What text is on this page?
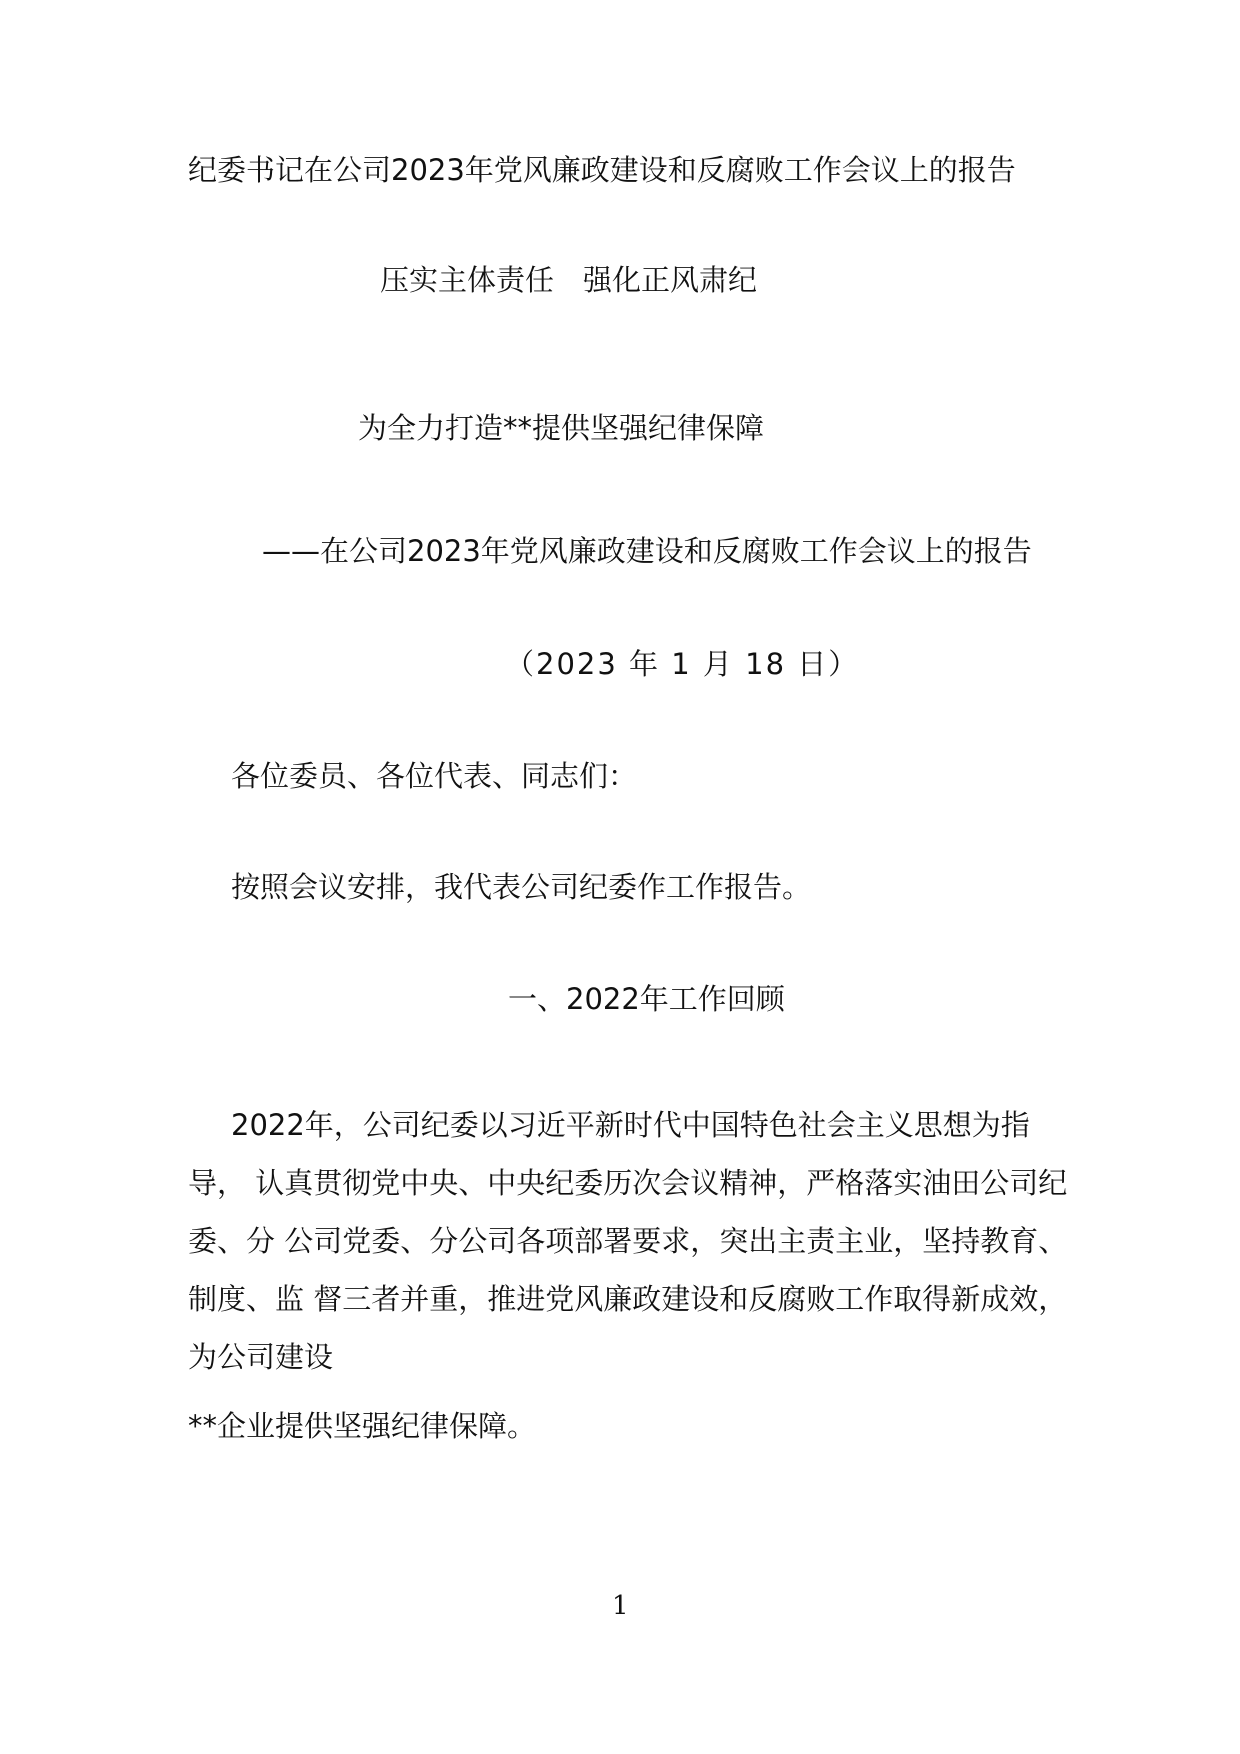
纪委书记在公司2023年党风廉政建设和反腐败工作会议上的报告
压实主体责任　强化正风肃纪
为全力打造**提供坚强纪律保障
——在公司2023年党风廉政建设和反腐败工作会议上的报告
（2023 年 1 月 18 日）
各位委员、各位代表、同志们：
按照会议安排，我代表公司纪委作工作报告。
一、2022年工作回顾
2022年，公司纪委以习近平新时代中国特色社会主义思想为指导， 认真贯彻党中央、中央纪委历次会议精神，严格落实油田公司纪委、分 公司党委、分公司各项部署要求，突出主责主业，坚持教育、制度、监 督三者并重，推进党风廉政建设和反腐败工作取得新成效，为公司建设
**企业提供坚强纪律保障。
1
